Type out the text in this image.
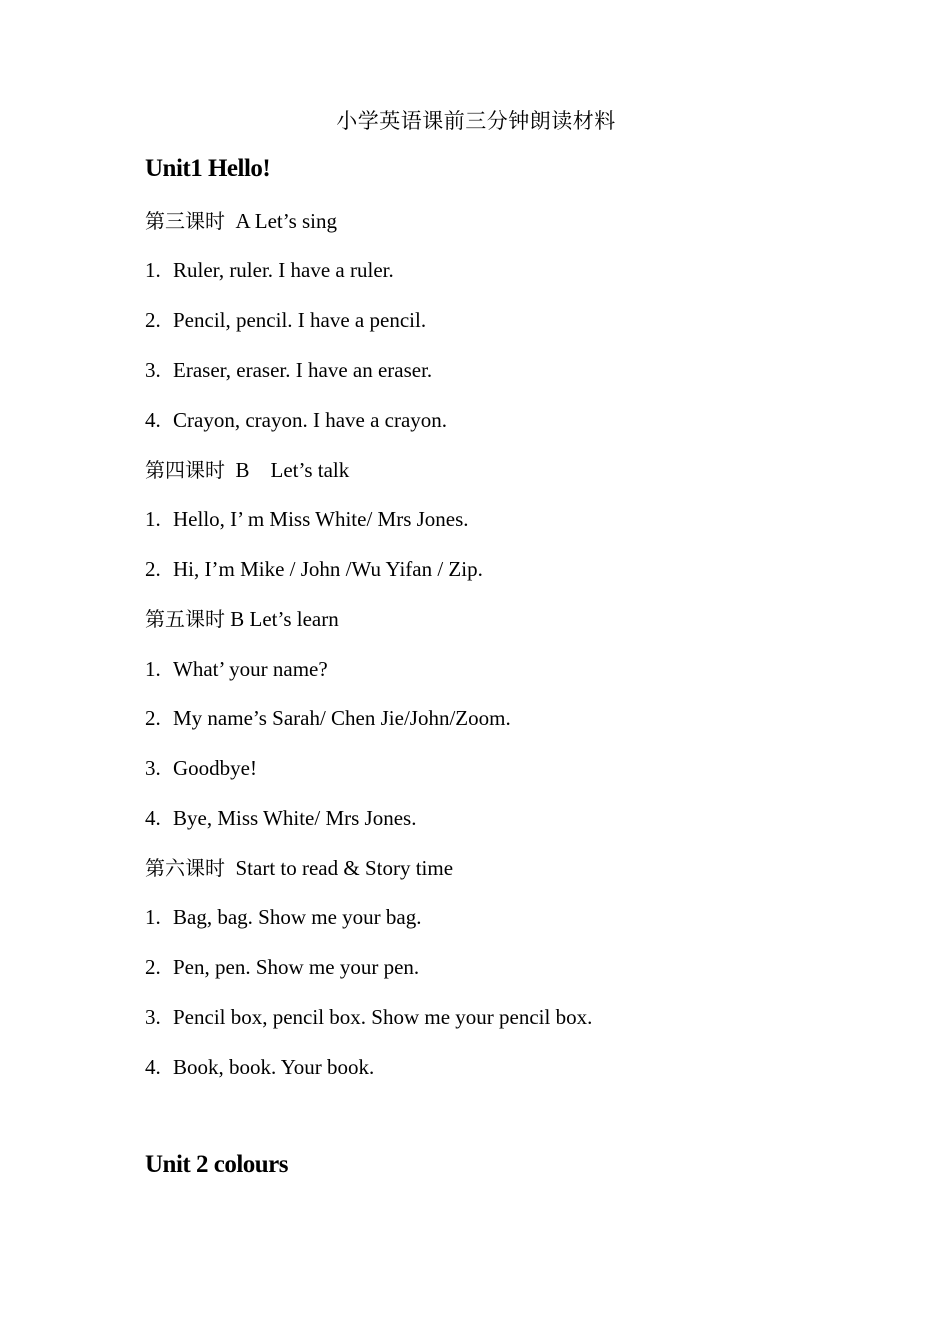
小学英语课前三分钟朗读材料
Unit1 Hello!
第三课时  A Let’s sing
1. Ruler, ruler. I have a ruler.
2. Pencil, pencil. I have a pencil.
3. Eraser, eraser. I have an eraser.
4. Crayon, crayon. I have a crayon.
第四课时  B    Let’s talk
1. Hello, I’ m Miss White/ Mrs Jones.
2. Hi, I’m Mike / John /Wu Yifan / Zip.
第五课时 B Let’s learn
1. What’ your name?
2. My name’s Sarah/ Chen Jie/John/Zoom.
3. Goodbye!
4. Bye, Miss White/ Mrs Jones.
第六课时  Start to read & Story time
1. Bag, bag. Show me your bag.
2. Pen, pen. Show me your pen.
3. Pencil box, pencil box. Show me your pencil box.
4. Book, book. Your book.
Unit 2 colours
